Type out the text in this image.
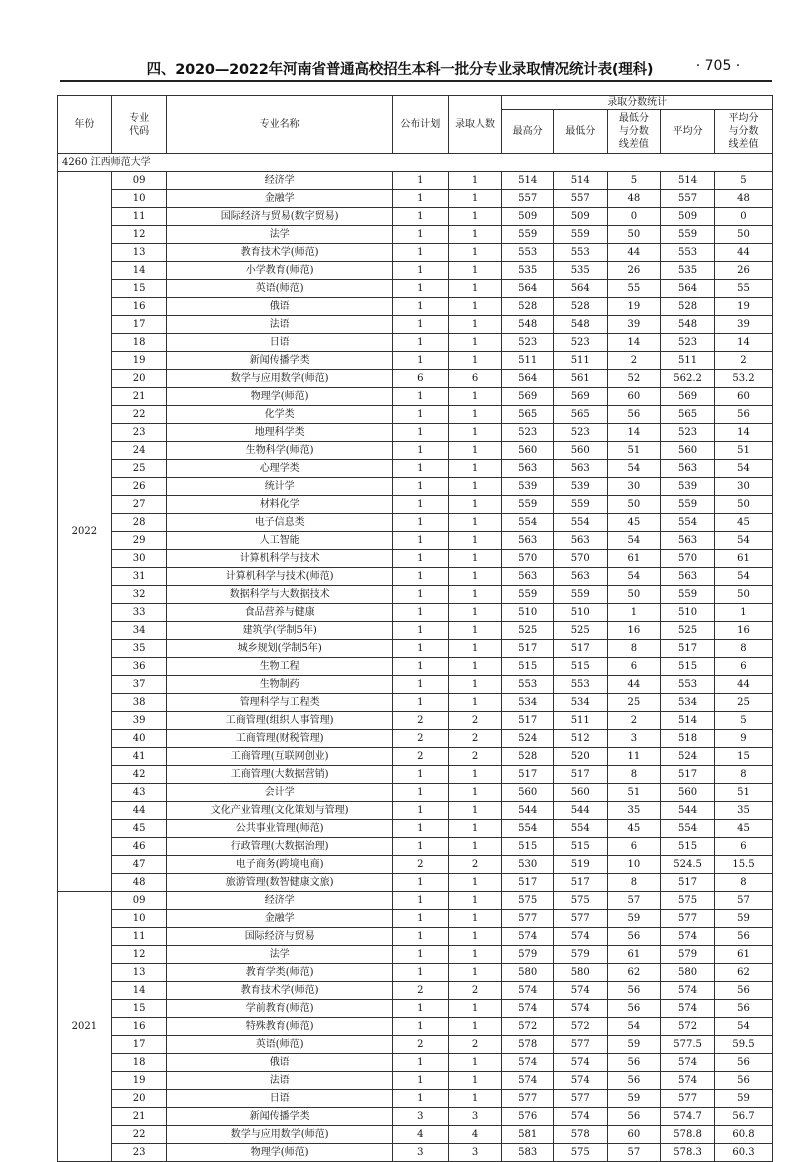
四、2020—2022年河南省普通高校招生本科一批分专业录取情况统计表(理科)	· 705 ·
年份	专业代码	专业名称	公布计划	录取人数	录取分数统计				
					最高分	最低分	最低分与分数线差值	平均分	平均分与分数线差值
4260 江西师范大学									
2022	09	经济学	1	1	514	514	5	514	5
	10	金融学	1	1	557	557	48	557	48
	11	国际经济与贸易(数字贸易)	1	1	509	509	0	509	0
	12	法学	1	1	559	559	50	559	50
	13	教育技术学(师范)	1	1	553	553	44	553	44
	14	小学教育(师范)	1	1	535	535	26	535	26
	15	英语(师范)	1	1	564	564	55	564	55
	16	俄语	1	1	528	528	19	528	19
	17	法语	1	1	548	548	39	548	39
	18	日语	1	1	523	523	14	523	14
	19	新闻传播学类	1	1	511	511	2	511	2
	20	数学与应用数学(师范)	6	6	564	561	52	562.2	53.2
	21	物理学(师范)	1	1	569	569	60	569	60
	22	化学类	1	1	565	565	56	565	56
	23	地理科学类	1	1	523	523	14	523	14
	24	生物科学(师范)	1	1	560	560	51	560	51
	25	心理学类	1	1	563	563	54	563	54
	26	统计学	1	1	539	539	30	539	30
	27	材料化学	1	1	559	559	50	559	50
	28	电子信息类	1	1	554	554	45	554	45
	29	人工智能	1	1	563	563	54	563	54
	30	计算机科学与技术	1	1	570	570	61	570	61
	31	计算机科学与技术(师范)	1	1	563	563	54	563	54
	32	数据科学与大数据技术	1	1	559	559	50	559	50
	33	食品营养与健康	1	1	510	510	1	510	1
	34	建筑学(学制5年)	1	1	525	525	16	525	16
	35	城乡规划(学制5年)	1	1	517	517	8	517	8
	36	生物工程	1	1	515	515	6	515	6
	37	生物制药	1	1	553	553	44	553	44
	38	管理科学与工程类	1	1	534	534	25	534	25
	39	工商管理(组织人事管理)	2	2	517	511	2	514	5
	40	工商管理(财税管理)	2	2	524	512	3	518	9
	41	工商管理(互联网创业)	2	2	528	520	11	524	15
	42	工商管理(大数据营销)	1	1	517	517	8	517	8
	43	会计学	1	1	560	560	51	560	51
	44	文化产业管理(文化策划与管理)	1	1	544	544	35	544	35
	45	公共事业管理(师范)	1	1	554	554	45	554	45
	46	行政管理(大数据治理)	1	1	515	515	6	515	6
	47	电子商务(跨境电商)	2	2	530	519	10	524.5	15.5
	48	旅游管理(数智健康文旅)	1	1	517	517	8	517	8
2021	09	经济学	1	1	575	575	57	575	57
	10	金融学	1	1	577	577	59	577	59
	11	国际经济与贸易	1	1	574	574	56	574	56
	12	法学	1	1	579	579	61	579	61
	13	教育学类(师范)	1	1	580	580	62	580	62
	14	教育技术学(师范)	2	2	574	574	56	574	56
	15	学前教育(师范)	1	1	574	574	56	574	56
	16	特殊教育(师范)	1	1	572	572	54	572	54
	17	英语(师范)	2	2	578	577	59	577.5	59.5
	18	俄语	1	1	574	574	56	574	56
	19	法语	1	1	574	574	56	574	56
	20	日语	1	1	577	577	59	577	59
	21	新闻传播学类	3	3	576	574	56	574.7	56.7
	22	数学与应用数学(师范)	4	4	581	578	60	578.8	60.8
	23	物理学(师范)	3	3	583	575	57	578.3	60.3
